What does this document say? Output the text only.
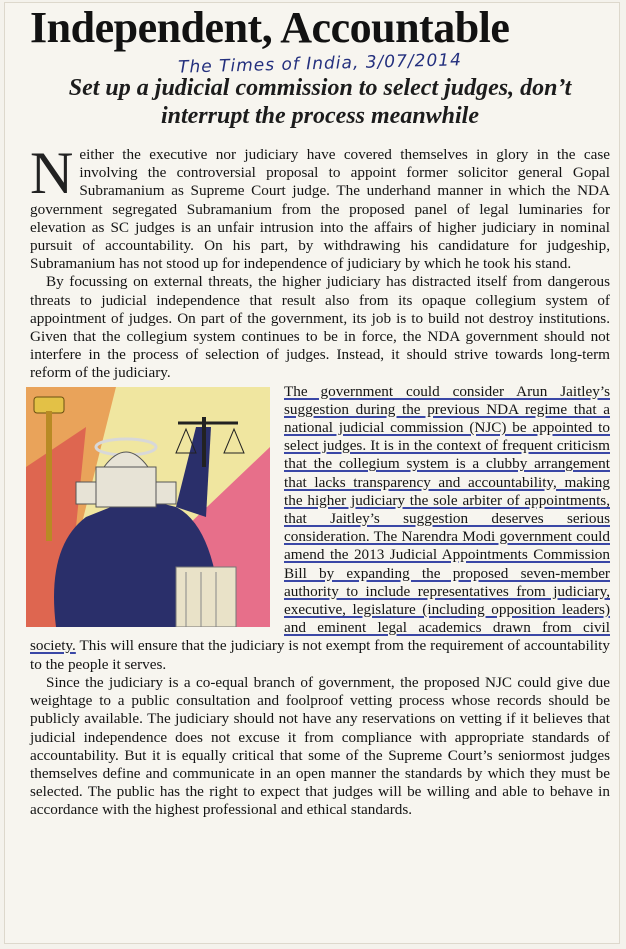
Independent, Accountable
The Times of India, 3/07/2014
Set up a judicial commission to select judges, don’t interrupt the process meanwhile

Neither the executive nor judiciary have covered themselves in glory in the case involving the controversial proposal to appoint former solicitor general Gopal Subramanium as Supreme Court judge. The underhand manner in which the NDA government segregated Subramanium from the proposed panel of legal luminaries for elevation as SC judges is an unfair intrusion into the affairs of higher judiciary in nominal pursuit of accountability. On his part, by withdrawing his candidature for judgeship, Subramanium has not stood up for independence of judiciary by which he took his stand.

By focussing on external threats, the higher judiciary has distracted itself from dangerous threats to judicial independence that result also from its opaque collegium system of appointment of judges. On part of the government, its job is to build not destroy institutions. Given that the collegium system continues to be in force, the NDA government should not interfere in the process of selection of judges. Instead, it should strive towards long-term reform of the judiciary.

The government could consider Arun Jaitley’s suggestion during the previous NDA regime that a national judicial commission (NJC) be appointed to select judges. It is in the context of frequent criticism that the collegium system is a clubby arrangement that lacks transparency and accountability, making the higher judiciary the sole arbiter of appointments, that Jaitley’s suggestion deserves serious consideration. The Narendra Modi government could amend the 2013 Judicial Appointments Commission Bill by expanding the proposed seven-member authority to include representatives from judiciary, executive, legislature (including opposition leaders) and eminent legal academics drawn from civil society. This will ensure that the judiciary is not exempt from the requirement of accountability to the people it serves.

Since the judiciary is a co-equal branch of government, the proposed NJC could give due weightage to a public consultation and foolproof vetting process whose records should be publicly available. The judiciary should not have any reservations on vetting if it believes that judicial independence does not excuse it from compliance with appropriate standards of accountability. But it is equally critical that some of the Supreme Court’s seniormost judges themselves define and communicate in an open manner the standards by which they must be selected. The public has the right to expect that judges will be willing and able to behave in accordance with the highest professional and ethical standards.
